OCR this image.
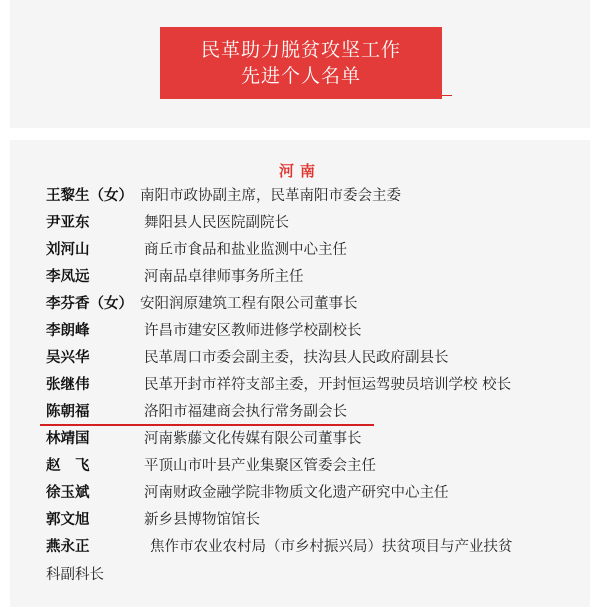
民革助力脱贫攻坚工作
先进个人名单
河南
王黎生（女） 南阳市政协副主席，民革南阳市委会主委
尹亚东	舞阳县人民医院副院长
刘河山	商丘市食品和盐业监测中心主任
李凤远	河南品卓律师事务所主任
李芬香（女） 安阳润原建筑工程有限公司董事长
李朗峰	许昌市建安区教师进修学校副校长
吴兴华	民革周口市委会副主委，扶沟县人民政府副县长
张继伟	民革开封市祥符支部主委，开封恒运驾驶员培训学校 校长
陈朝福	洛阳市福建商会执行常务副会长
林靖国	河南紫藤文化传媒有限公司董事长
赵　飞	平顶山市叶县产业集聚区管委会主任
徐玉斌	河南财政金融学院非物质文化遗产研究中心主任
郭文旭	新乡县博物馆馆长
燕永正	焦作市农业农村局（市乡村振兴局）扶贫项目与产业扶贫
科副科长
